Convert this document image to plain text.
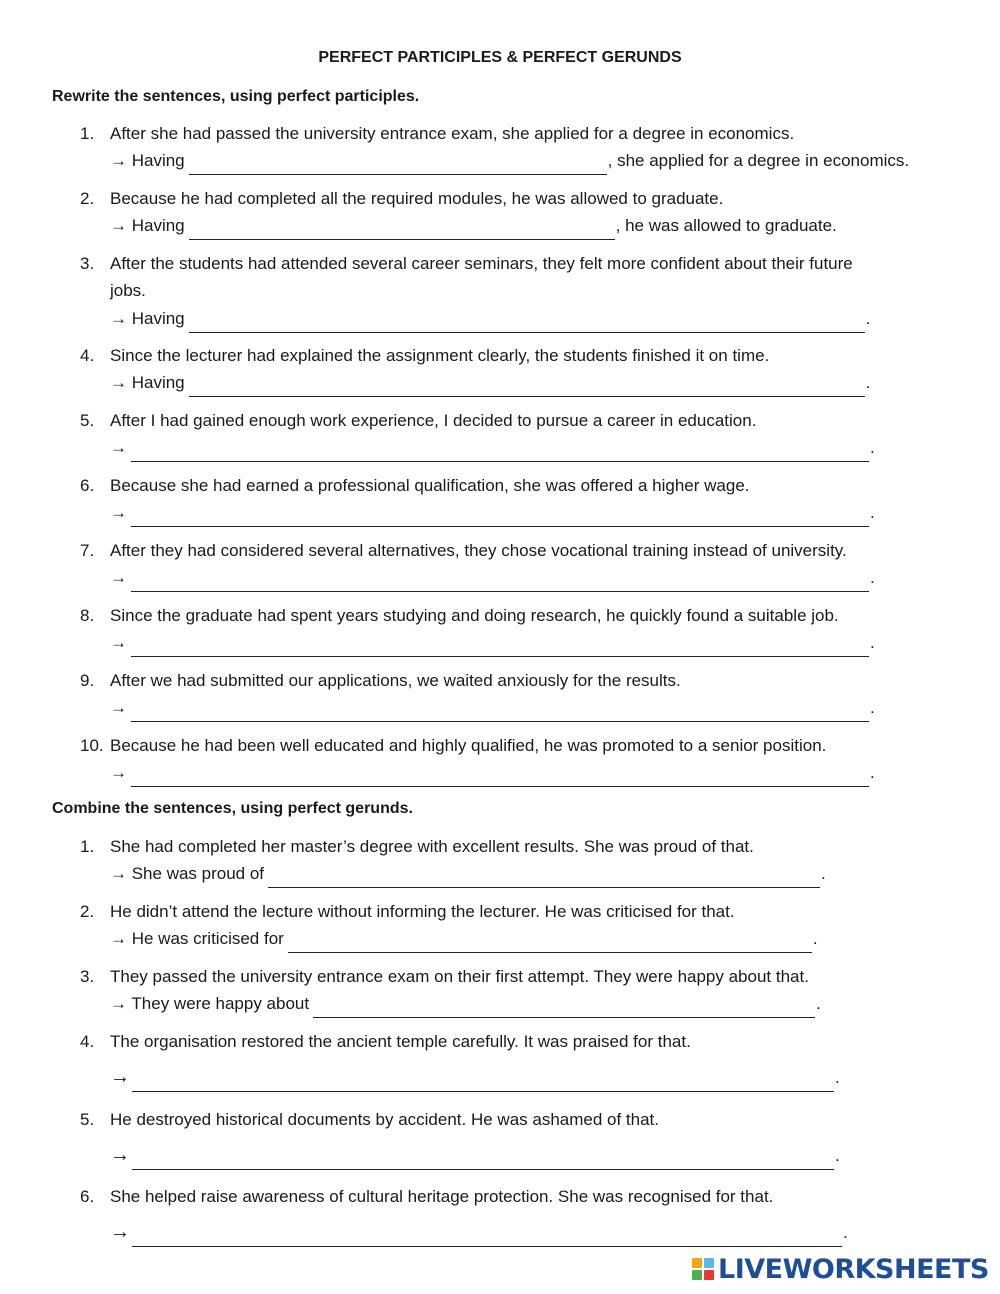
PERFECT PARTICIPLES & PERFECT GERUNDS
Rewrite the sentences, using perfect participles.
1. After she had passed the university entrance exam, she applied for a degree in economics.
→ Having	, she applied for a degree in economics.
2. Because he had completed all the required modules, he was allowed to graduate.
→ Having	, he was allowed to graduate.
3. After the students had attended several career seminars, they felt more confident about their future
jobs.
→ Having	.
4. Since the lecturer had explained the assignment clearly, the students finished it on time.
→ Having	.
5. After I had gained enough work experience, I decided to pursue a career in education.
→	.
6. Because she had earned a professional qualification, she was offered a higher wage.
→	.
7. After they had considered several alternatives, they chose vocational training instead of university.
→	.
8. Since the graduate had spent years studying and doing research, he quickly found a suitable job.
→	.
9. After we had submitted our applications, we waited anxiously for the results.
→	.
10. Because he had been well educated and highly qualified, he was promoted to a senior position.
→	.
Combine the sentences, using perfect gerunds.
1. She had completed her master’s degree with excellent results. She was proud of that.
→ She was proud of	.
2. He didn’t attend the lecture without informing the lecturer. He was criticised for that.
→ He was criticised for	.
3. They passed the university entrance exam on their first attempt. They were happy about that.
→ They were happy about	.
4. The organisation restored the ancient temple carefully. It was praised for that.
→	.
5. He destroyed historical documents by accident. He was ashamed of that.
→	.
6. She helped raise awareness of cultural heritage protection. She was recognised for that.
→	.
LIVEWORKSHEETS
